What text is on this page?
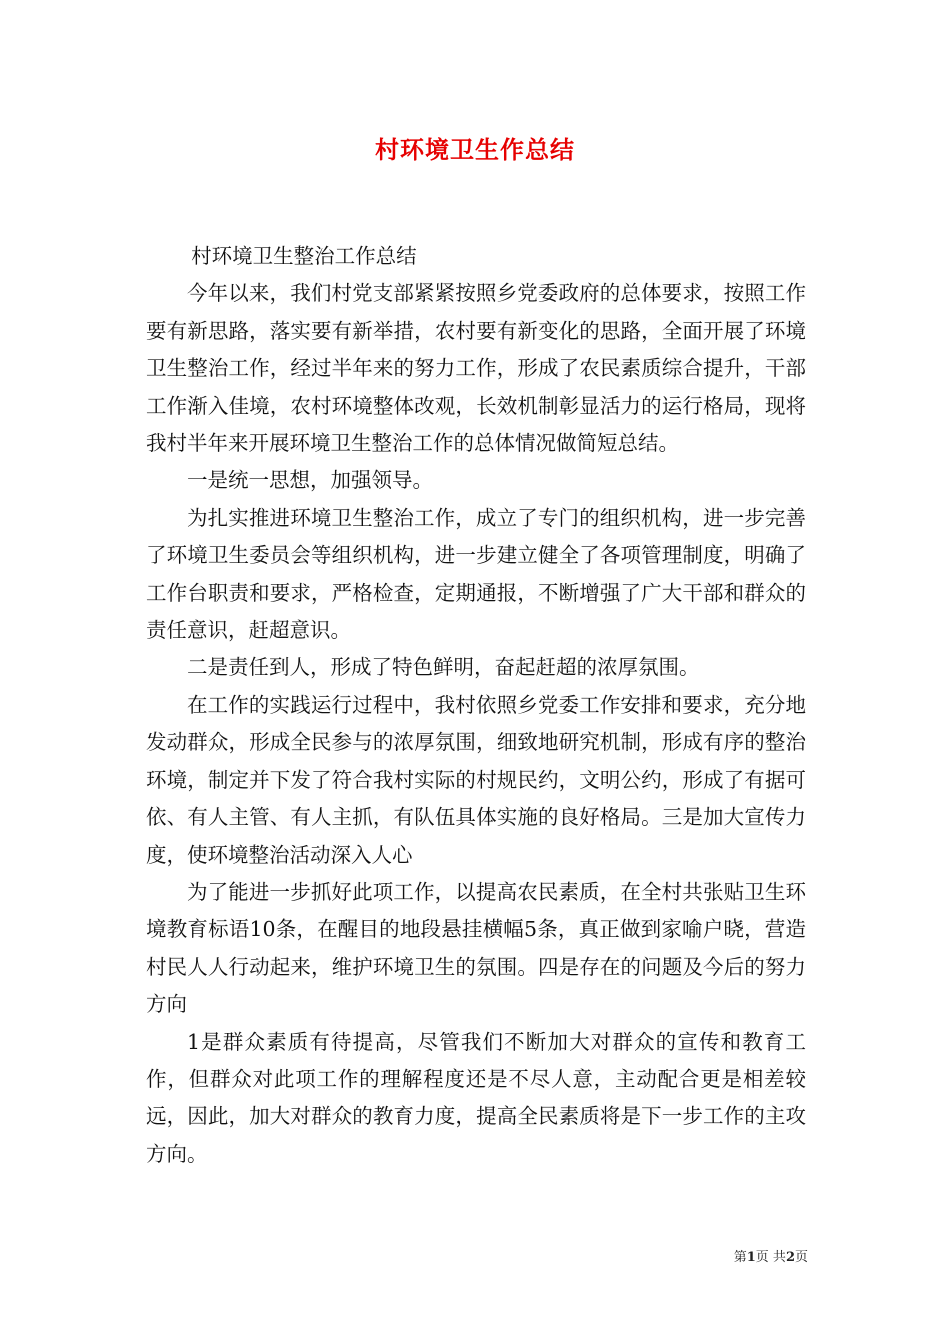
村环境卫生作总结

村环境卫生整治工作总结

今年以来，我们村党支部紧紧按照乡党委政府的总体要求，按照工作要有新思路，落实要有新举措，农村要有新变化的思路，全面开展了环境卫生整治工作，经过半年来的努力工作，形成了农民素质综合提升，干部工作渐入佳境，农村环境整体改观，长效机制彰显活力的运行格局，现将我村半年来开展环境卫生整治工作的总体情况做简短总结。

一是统一思想，加强领导。

为扎实推进环境卫生整治工作，成立了专门的组织机构，进一步完善了环境卫生委员会等组织机构，进一步建立健全了各项管理制度，明确了工作台职责和要求，严格检查，定期通报，不断增强了广大干部和群众的责任意识，赶超意识。

二是责任到人，形成了特色鲜明，奋起赶超的浓厚氛围。

在工作的实践运行过程中，我村依照乡党委工作安排和要求，充分地发动群众，形成全民参与的浓厚氛围，细致地研究机制，形成有序的整治环境，制定并下发了符合我村实际的村规民约，文明公约，形成了有据可依、有人主管、有人主抓，有队伍具体实施的良好格局。三是加大宣传力度，使环境整治活动深入人心

为了能进一步抓好此项工作，以提高农民素质，在全村共张贴卫生环境教育标语10条，在醒目的地段悬挂横幅5条，真正做到家喻户晓，营造村民人人行动起来，维护环境卫生的氛围。四是存在的问题及今后的努力方向

1是群众素质有待提高，尽管我们不断加大对群众的宣传和教育工作，但群众对此项工作的理解程度还是不尽人意，主动配合更是相差较远，因此，加大对群众的教育力度，提高全民素质将是下一步工作的主攻方向。

第1页 共2页
